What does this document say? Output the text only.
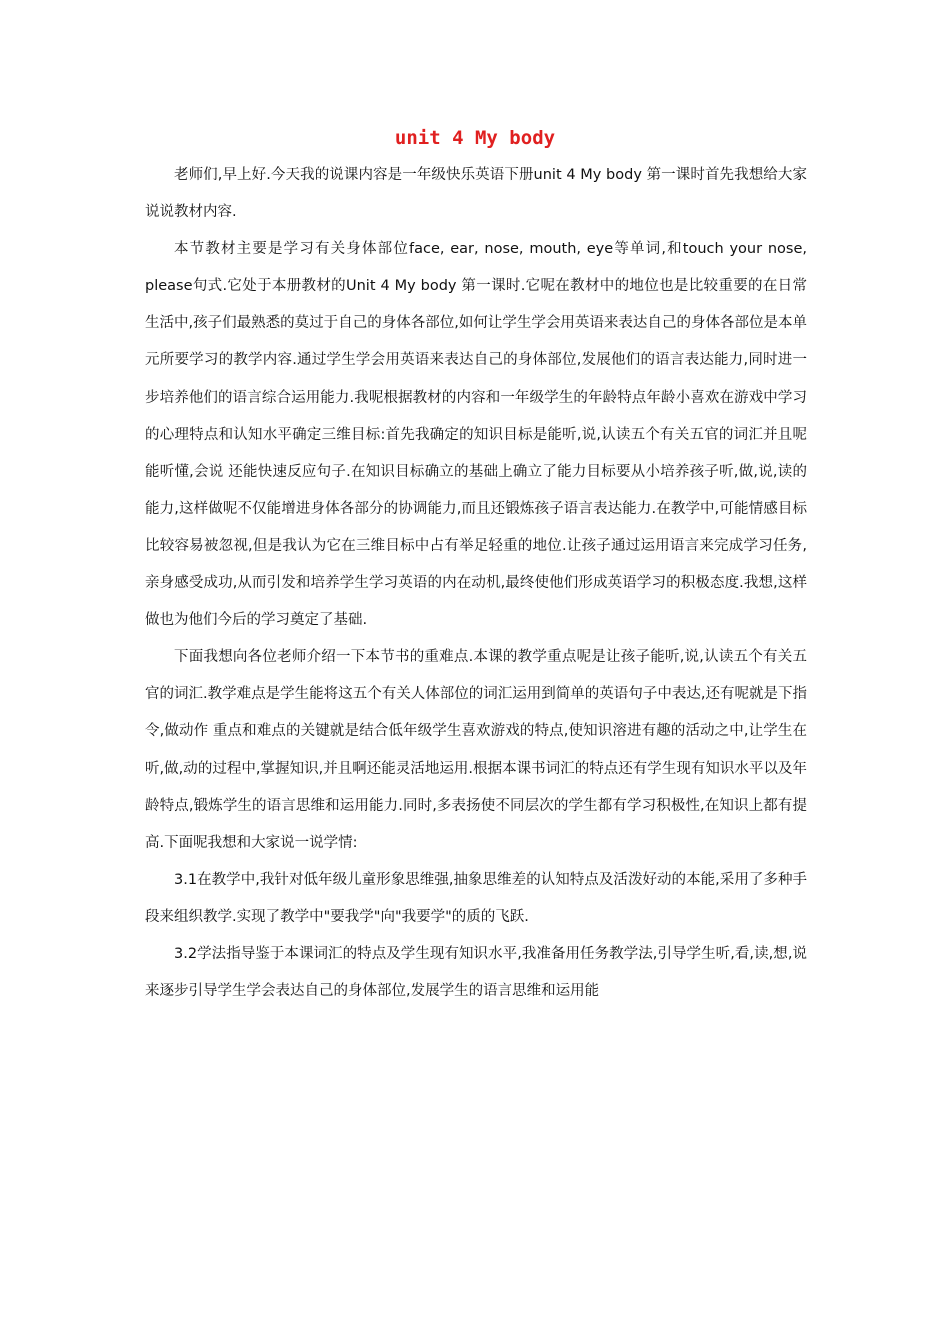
unit 4 My body

老师们,早上好.今天我的说课内容是一年级快乐英语下册unit 4 My body 第一课时首先我想给大家说说教材内容.

本节教材主要是学习有关身体部位face, ear, nose, mouth, eye等单词,和touch your nose, please句式.它处于本册教材的Unit 4 My body 第一课时.它呢在教材中的地位也是比较重要的在日常生活中,孩子们最熟悉的莫过于自己的身体各部位,如何让学生学会用英语来表达自己的身体各部位是本单元所要学习的教学内容.通过学生学会用英语来表达自己的身体部位,发展他们的语言表达能力,同时进一步培养他们的语言综合运用能力.我呢根据教材的内容和一年级学生的年龄特点年龄小喜欢在游戏中学习的心理特点和认知水平确定三维目标:首先我确定的知识目标是能听,说,认读五个有关五官的词汇并且呢能听懂,会说 还能快速反应句子.在知识目标确立的基础上确立了能力目标要从小培养孩子听,做,说,读的能力,这样做呢不仅能增进身体各部分的协调能力,而且还锻炼孩子语言表达能力.在教学中,可能情感目标比较容易被忽视,但是我认为它在三维目标中占有举足轻重的地位.让孩子通过运用语言来完成学习任务,亲身感受成功,从而引发和培养学生学习英语的内在动机,最终使他们形成英语学习的积极态度.我想,这样做也为他们今后的学习奠定了基础.

下面我想向各位老师介绍一下本节书的重难点.本课的教学重点呢是让孩子能听,说,认读五个有关五官的词汇.教学难点是学生能将这五个有关人体部位的词汇运用到简单的英语句子中表达,还有呢就是下指令,做动作 重点和难点的关键就是结合低年级学生喜欢游戏的特点,使知识溶进有趣的活动之中,让学生在听,做,动的过程中,掌握知识,并且啊还能灵活地运用.根据本课书词汇的特点还有学生现有知识水平以及年龄特点,锻炼学生的语言思维和运用能力.同时,多表扬使不同层次的学生都有学习积极性,在知识上都有提高.下面呢我想和大家说一说学情:

3.1在教学中,我针对低年级儿童形象思维强,抽象思维差的认知特点及活泼好动的本能,采用了多种手段来组织教学.实现了教学中"要我学"向"我要学"的质的飞跃.

3.2学法指导鉴于本课词汇的特点及学生现有知识水平,我准备用任务教学法,引导学生听,看,读,想,说来逐步引导学生学会表达自己的身体部位,发展学生的语言思维和运用能
